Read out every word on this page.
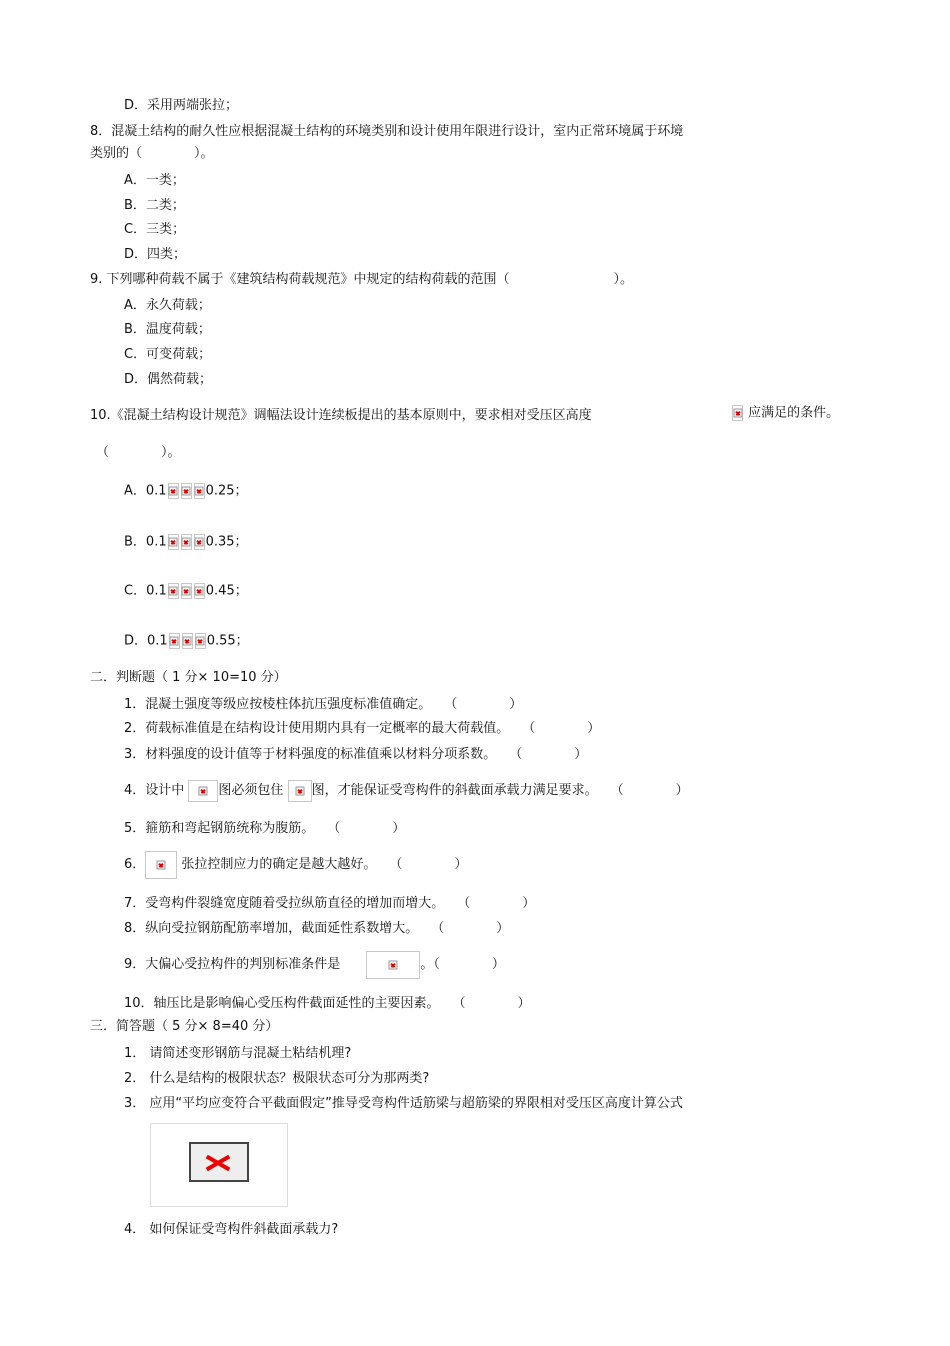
D．采用两端张拉；
8．混凝土结构的耐久性应根据混凝土结构的环境类别和设计使用年限进行设计，室内正常环境属于环境
类别的（　　　　）。
A．一类；
B．二类；
C．三类；
D．四类；
9. 下列哪种荷载不属于《建筑结构荷载规范》中规定的结构荷载的范围（　　　　　　　　）。
A．永久荷载；
B．温度荷载；
C．可变荷载；
D．偶然荷载；
10.《混凝土结构设计规范》调幅法设计连续板提出的基本原则中，要求相对受压区高度	应满足的条件。
（　　　　）。
A．0.1	0.25；
B．0.1	0.35；
C．0.1	0.45；
D．0.1	0.55；
二．判断题（ 1 分× 10=10 分）
1．混凝土强度等级应按棱柱体抗压强度标准值确定。　　（　　　　）
2．荷载标准值是在结构设计使用期内具有一定概率的最大荷载值。　　（　　　　）
3．材料强度的设计值等于材料强度的标准值乘以材料分项系数。　　（　　　　）
4．设计中	图必须包住 图，才能保证受弯构件的斜截面承载力满足要求。　　（　　　　）
5．箍筋和弯起钢筋统称为腹筋。　　（　　　　）
6．	张拉控制应力的确定是越大越好。　　（　　　　）
7．受弯构件裂缝宽度随着受拉纵筋直径的增加而增大。　　（　　　　）
8．纵向受拉钢筋配筋率增加，截面延性系数增大。　　（　　　　）
9．大偏心受拉构件的判别标准条件是	。（　　　　）
10．轴压比是影响偏心受压构件截面延性的主要因素。　　（　　　　）
三．简答题（ 5 分× 8=40 分）
1． 请简述变形钢筋与混凝土粘结机理?
2． 什么是结构的极限状态？极限状态可分为那两类?
3． 应用“平均应变符合平截面假定”推导受弯构件适筋梁与超筋梁的界限相对受压区高度计算公式
4． 如何保证受弯构件斜截面承载力?
